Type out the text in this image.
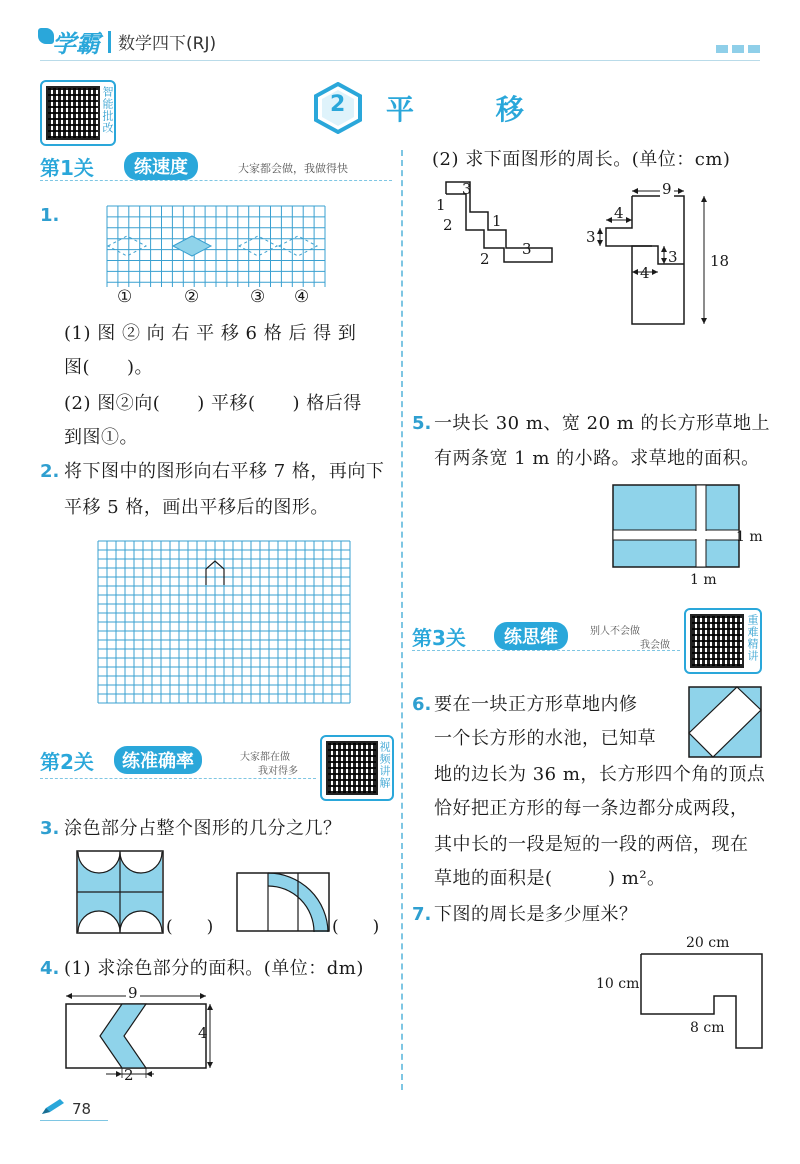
学霸 数学四下(RJ)
智能批改	2 平 移
第1关	练速度	大家都会做，我做得快
1.
①	②	③ ④
(1) 图 ② 向 右 平 移 6 格 后 得 到
图(　　)。
(2) 图②向(　　) 平移(　　) 格后得
到图①。
2. 将下图中的图形向右平移 7 格，再向下
平移 5 格，画出平移后的图形。
第2关	练准确率	大家都在做
我对得多	视频讲解
3. 涂色部分占整个图形的几分之几？
(　　)	(　　)
4. (1) 求涂色部分的面积。(单位：dm)
9
4
2
(2) 求下面图形的周长。(单位：cm)
3
1
2	1
2
3
9
4
3
4
3 18
5. 一块长 30 m、宽 20 m 的长方形草地上
有两条宽 1 m 的小路。求草地的面积。
1 m
1 m
第3关	练思维	别人不会做
我会做	重难精讲
6. 要在一块正方形草地内修
一个长方形的水池，已知草
地的边长为 36 m，长方形四个角的顶点
恰好把正方形的每一条边都分成两段，
其中长的一段是短的一段的两倍，现在
草地的面积是(　　　) m²。
7. 下图的周长是多少厘米？
20 cm
10 cm
8 cm
78
